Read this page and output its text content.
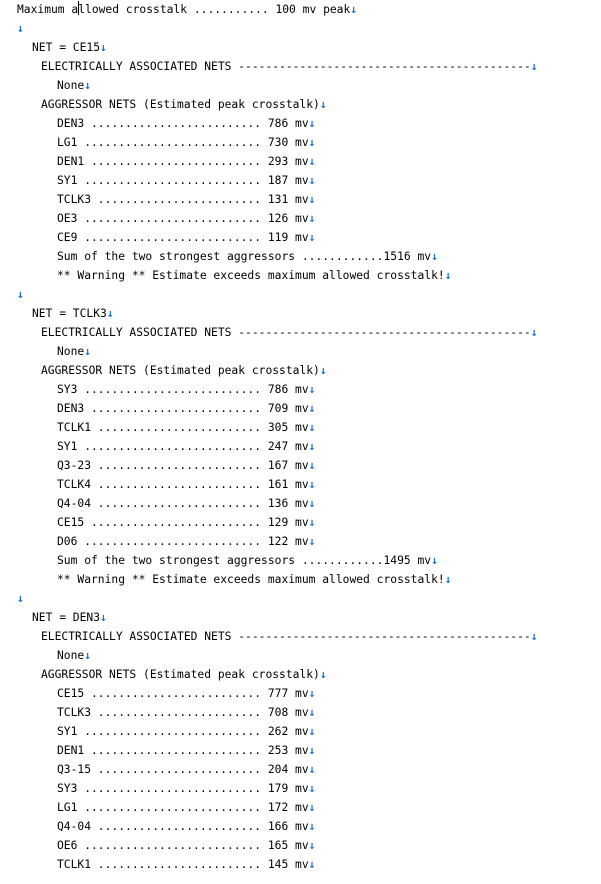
Maximum allowed crosstalk ........... 100 mv peak↓
↓
NET = CE15↓
ELECTRICALLY ASSOCIATED NETS -------------------------------------------↓
None↓
AGGRESSOR NETS (Estimated peak crosstalk)↓
DEN3 ......................... 786 mv↓
LG1 .......................... 730 mv↓
DEN1 ......................... 293 mv↓
SY1 .......................... 187 mv↓
TCLK3 ........................ 131 mv↓
OE3 .......................... 126 mv↓
CE9 .......................... 119 mv↓
Sum of the two strongest aggressors ............1516 mv↓
** Warning ** Estimate exceeds maximum allowed crosstalk!↓
↓
NET = TCLK3↓
ELECTRICALLY ASSOCIATED NETS -------------------------------------------↓
None↓
AGGRESSOR NETS (Estimated peak crosstalk)↓
SY3 .......................... 786 mv↓
DEN3 ......................... 709 mv↓
TCLK1 ........................ 305 mv↓
SY1 .......................... 247 mv↓
Q3-23 ........................ 167 mv↓
TCLK4 ........................ 161 mv↓
Q4-04 ........................ 136 mv↓
CE15 ......................... 129 mv↓
D06 .......................... 122 mv↓
Sum of the two strongest aggressors ............1495 mv↓
** Warning ** Estimate exceeds maximum allowed crosstalk!↓
↓
NET = DEN3↓
ELECTRICALLY ASSOCIATED NETS -------------------------------------------↓
None↓
AGGRESSOR NETS (Estimated peak crosstalk)↓
CE15 ......................... 777 mv↓
TCLK3 ........................ 708 mv↓
SY1 .......................... 262 mv↓
DEN1 ......................... 253 mv↓
Q3-15 ........................ 204 mv↓
SY3 .......................... 179 mv↓
LG1 .......................... 172 mv↓
Q4-04 ........................ 166 mv↓
OE6 .......................... 165 mv↓
TCLK1 ........................ 145 mv↓
